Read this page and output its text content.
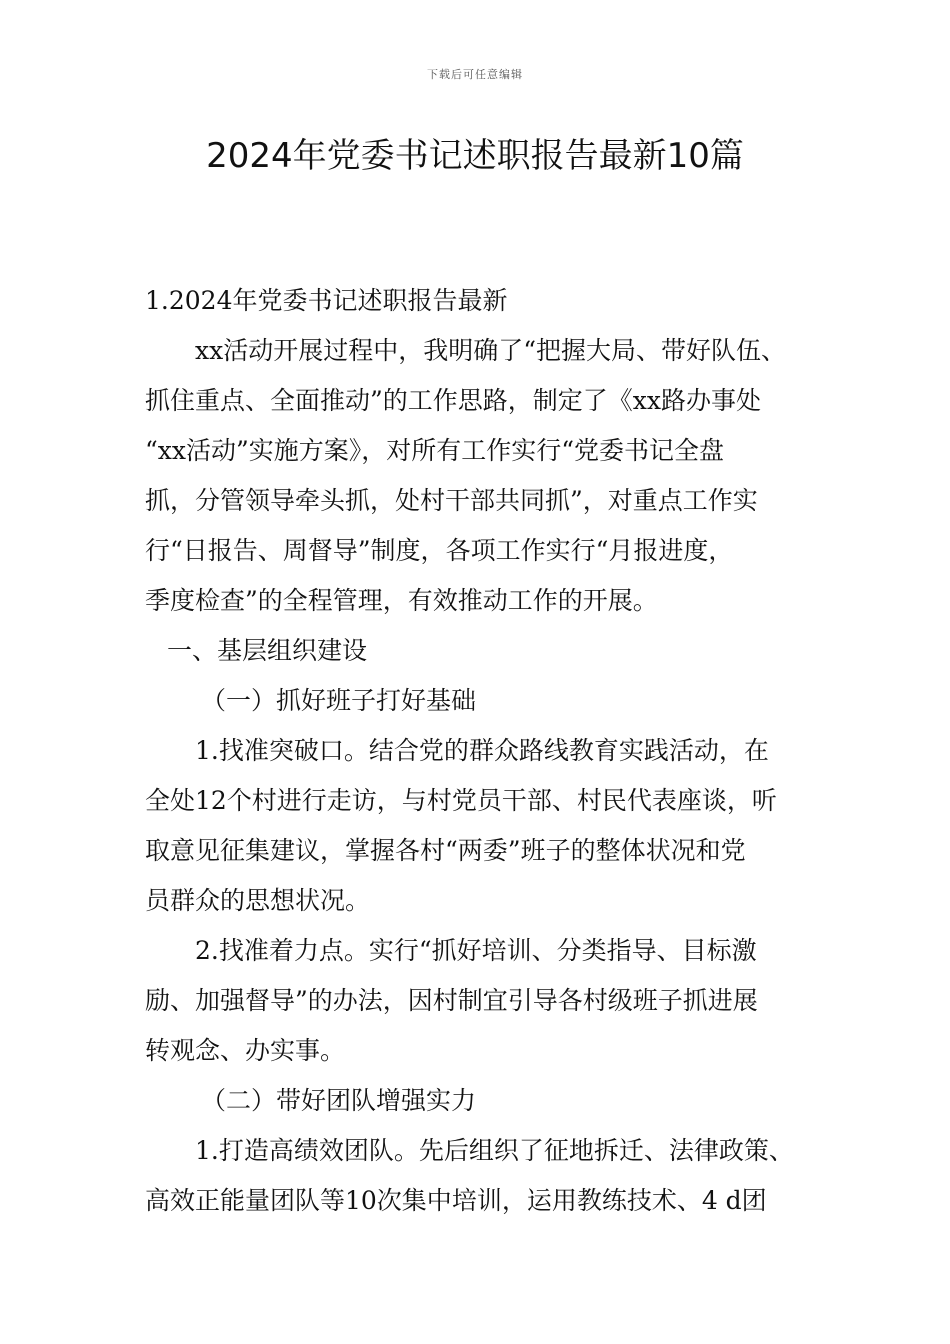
下载后可任意编辑
2024年党委书记述职报告最新10篇
1.2024年党委书记述职报告最新
xx活动开展过程中，我明确了“把握大局、带好队伍、
抓住重点、全面推动”的工作思路，制定了《xx路办事处
“xx活动”实施方案》，对所有工作实行“党委书记全盘
抓，分管领导牵头抓，处村干部共同抓”，对重点工作实
行“日报告、周督导”制度，各项工作实行“月报进度，
季度检查”的全程管理，有效推动工作的开展。
一、基层组织建设
（一）抓好班子打好基础
1.找准突破口。结合党的群众路线教育实践活动，在
全处12个村进行走访，与村党员干部、村民代表座谈，听
取意见征集建议，掌握各村“两委”班子的整体状况和党
员群众的思想状况。
2.找准着力点。实行“抓好培训、分类指导、目标激
励、加强督导”的办法，因村制宜引导各村级班子抓进展
转观念、办实事。
（二）带好团队增强实力
1.打造高绩效团队。先后组织了征地拆迁、法律政策、
高效正能量团队等10次集中培训，运用教练技术、4 d团
